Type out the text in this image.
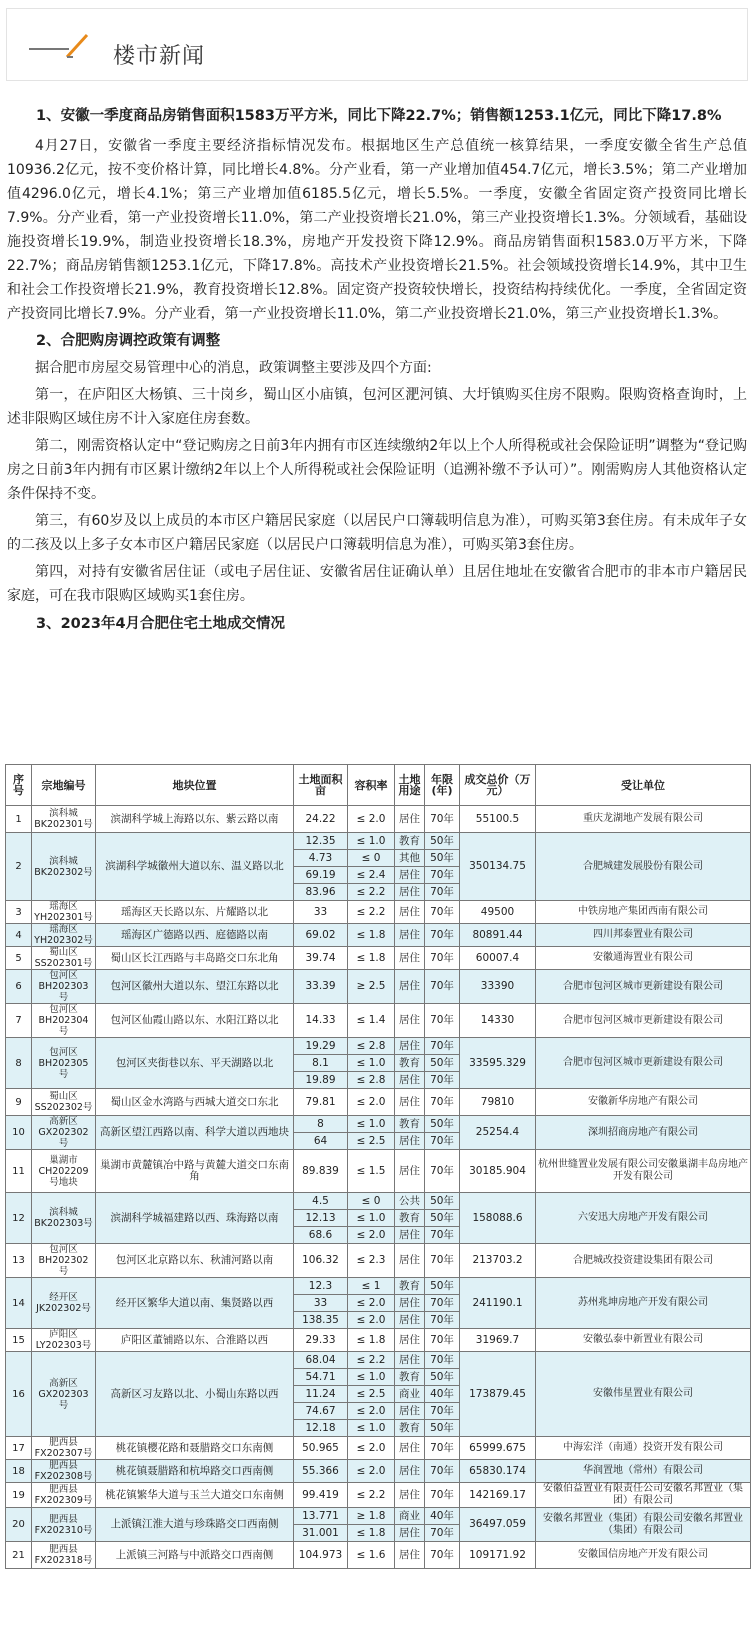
楼市新闻

1、安徽一季度商品房销售面积1583万平方米，同比下降22.7%；销售额1253.1亿元，同比下降17.8%

4月27日，安徽省一季度主要经济指标情况发布。根据地区生产总值统一核算结果，一季度安徽全省生产总值10936.2亿元，按不变价格计算，同比增长4.8%。分产业看，第一产业增加值454.7亿元，增长3.5%；第二产业增加值4296.0亿元，增长4.1%；第三产业增加值6185.5亿元，增长5.5%。一季度，安徽全省固定资产投资同比增长7.9%。分产业看，第一产业投资增长11.0%，第二产业投资增长21.0%，第三产业投资增长1.3%。分领域看，基础设施投资增长19.9%，制造业投资增长18.3%，房地产开发投资下降12.9%。商品房销售面积1583.0万平方米，下降22.7%；商品房销售额1253.1亿元，下降17.8%。高技术产业投资增长21.5%。社会领域投资增长14.9%，其中卫生和社会工作投资增长21.9%，教育投资增长12.8%。固定资产投资较快增长，投资结构持续优化。一季度，全省固定资产投资同比增长7.9%。分产业看，第一产业投资增长11.0%，第二产业投资增长21.0%，第三产业投资增长1.3%。

2、合肥购房调控政策有调整

据合肥市房屋交易管理中心的消息，政策调整主要涉及四个方面:

第一，在庐阳区大杨镇、三十岗乡，蜀山区小庙镇，包河区淝河镇、大圩镇购买住房不限购。限购资格查询时，上述非限购区域住房不计入家庭住房套数。

第二，刚需资格认定中“登记购房之日前3年内拥有市区连续缴纳2年以上个人所得税或社会保险证明”调整为“登记购房之日前3年内拥有市区累计缴纳2年以上个人所得税或社会保险证明（追溯补缴不予认可）”。刚需购房人其他资格认定条件保持不变。

第三，有60岁及以上成员的本市区户籍居民家庭（以居民户口簿载明信息为准），可购买第3套住房。有未成年子女的二孩及以上多子女本市区户籍居民家庭（以居民户口簿载明信息为准），可购买第3套住房。

第四，对持有安徽省居住证（或电子居住证、安徽省居住证确认单）且居住地址在安徽省合肥市的非本市户籍居民家庭，可在我市限购区域购买1套住房。

3、2023年4月合肥住宅土地成交情况

序号	宗地编号	地块位置	土地面积亩	容积率	土地用途	年限(年)	成交总价（万元）	受让单位
1	滨科城BK202301号	滨湖科学城上海路以东、紫云路以南	24.22	≤ 2.0	居住	70年	55100.5	重庆龙湖地产发展有限公司
2	滨科城BK202302号	滨湖科学城徽州大道以东、温义路以北	12.35	≤ 1.0	教育	50年	350134.75	合肥城建发展股份有限公司
			4.73	≤ 0	其他	50年		
			69.19	≤ 2.4	居住	70年		
			83.96	≤ 2.2	居住	70年		
3	瑶海区YH202301号	瑶海区天长路以东、片耀路以北	33	≤ 2.2	居住	70年	49500	中铁房地产集团西南有限公司
4	瑶海区YH202302号	瑶海区广德路以西、庭德路以南	69.02	≤ 1.8	居住	70年	80891.44	四川邦泰置业有限公司
5	蜀山区SS202301号	蜀山区长江西路与丰岛路交口东北角	39.74	≤ 1.8	居住	70年	60007.4	安徽通海置业有限公司
6	包河区BH202303号	包河区徽州大道以东、望江东路以北	33.39	≥ 2.5	居住	70年	33390	合肥市包河区城市更新建设有限公司
7	包河区BH202304号	包河区仙霞山路以东、水阳江路以北	14.33	≤ 1.4	居住	70年	14330	合肥市包河区城市更新建设有限公司
8	包河区BH202305号	包河区夹街巷以东、平天湖路以北	19.29	≤ 2.8	居住	70年	33595.329	合肥市包河区城市更新建设有限公司
			8.1	≤ 1.0	教育	50年		
			19.89	≤ 2.8	居住	70年		
9	蜀山区SS202302号	蜀山区金水湾路与西城大道交口东北	79.81	≤ 2.0	居住	70年	79810	安徽新华房地产有限公司
10	高新区GX202302号	高新区望江西路以南、科学大道以西地块	8	≤ 1.0	教育	50年	25254.4	深圳招商房地产有限公司
			64	≤ 2.5	居住	70年		
11	巢湖市CH202209号地块	巢湖市黄麓镇冶中路与黄麓大道交口东南角	89.839	≤ 1.5	居住	70年	30185.904	杭州世缝置业发展有限公司安徽巢湖丰岛房地产开发有限公司
12	滨科城BK202303号	滨湖科学城福建路以西、珠海路以南	4.5	≤ 0	公共	50年	158088.6	六安迅大房地产开发有限公司
			12.13	≤ 1.0	教育	50年		
			68.6	≤ 2.0	居住	70年		
13	包河区BH202302号	包河区北京路以东、秋浦河路以南	106.32	≤ 2.3	居住	70年	213703.2	合肥城改投资建设集团有限公司
14	经开区JK202302号	经开区繁华大道以南、集贤路以西	12.3	≤ 1	教育	50年	241190.1	苏州兆坤房地产开发有限公司
			33	≤ 2.0	居住	70年		
			138.35	≤ 2.0	居住	70年		
15	庐阳区LY202303号	庐阳区董铺路以东、合淮路以西	29.33	≤ 1.8	居住	70年	31969.7	安徽弘泰中新置业有限公司
16	高新区GX202303号	高新区习友路以北、小蜀山东路以西	68.04	≤ 2.2	居住	70年	173879.45	安徽伟星置业有限公司
			54.71	≤ 1.0	教育	50年		
			11.24	≤ 2.5	商业	40年		
			74.67	≤ 2.0	居住	70年		
			12.18	≤ 1.0	教育	50年		
17	肥西县FX202307号	桃花镇樱花路和聂腊路交口东南侧	50.965	≤ 2.0	居住	70年	65999.675	中海宏洋（南通）投资开发有限公司
18	肥西县FX202308号	桃花镇聂腊路和杭埠路交口西南侧	55.366	≤ 2.0	居住	70年	65830.174	华润置地（常州）有限公司
19	肥西县FX202309号	桃花镇繁华大道与玉兰大道交口东南侧	99.419	≤ 2.2	居住	70年	142169.17	安徽伯益置业有限责任公司安徽名邦置业（集团）有限公司
20	肥西县FX202310号	上派镇江淮大道与珍珠路交口西南侧	13.771	≥ 1.8	商业	40年	36497.059	安徽名邦置业（集团）有限公司安徽名邦置业（集团）有限公司
			31.001	≤ 1.8	居住	70年		
21	肥西县FX202318号	上派镇三河路与中派路交口西南侧	104.973	≤ 1.6	居住	70年	109171.92	安徽国信房地产开发有限公司
